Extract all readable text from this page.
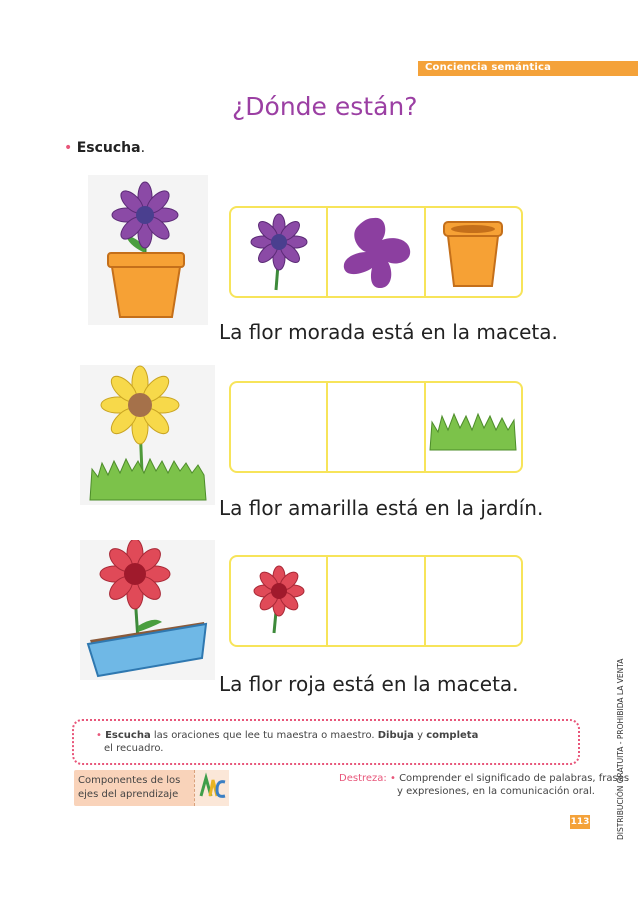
Conciencia semántica
¿Dónde están?
• Escucha.
La flor morada está en la maceta.
La flor amarilla está en la jardín.
La flor roja está en la maceta.
• Escucha las oraciones que lee tu maestra o maestro. Dibuja y completa
el recuadro.
Componentes de los
ejes del aprendizaje
Destreza: • Comprender el significado de palabras, frases
y expresiones, en la comunicación oral.
113	DISTRIBUCIÓN GRATUITA - PROHIBIDA LA VENTA
